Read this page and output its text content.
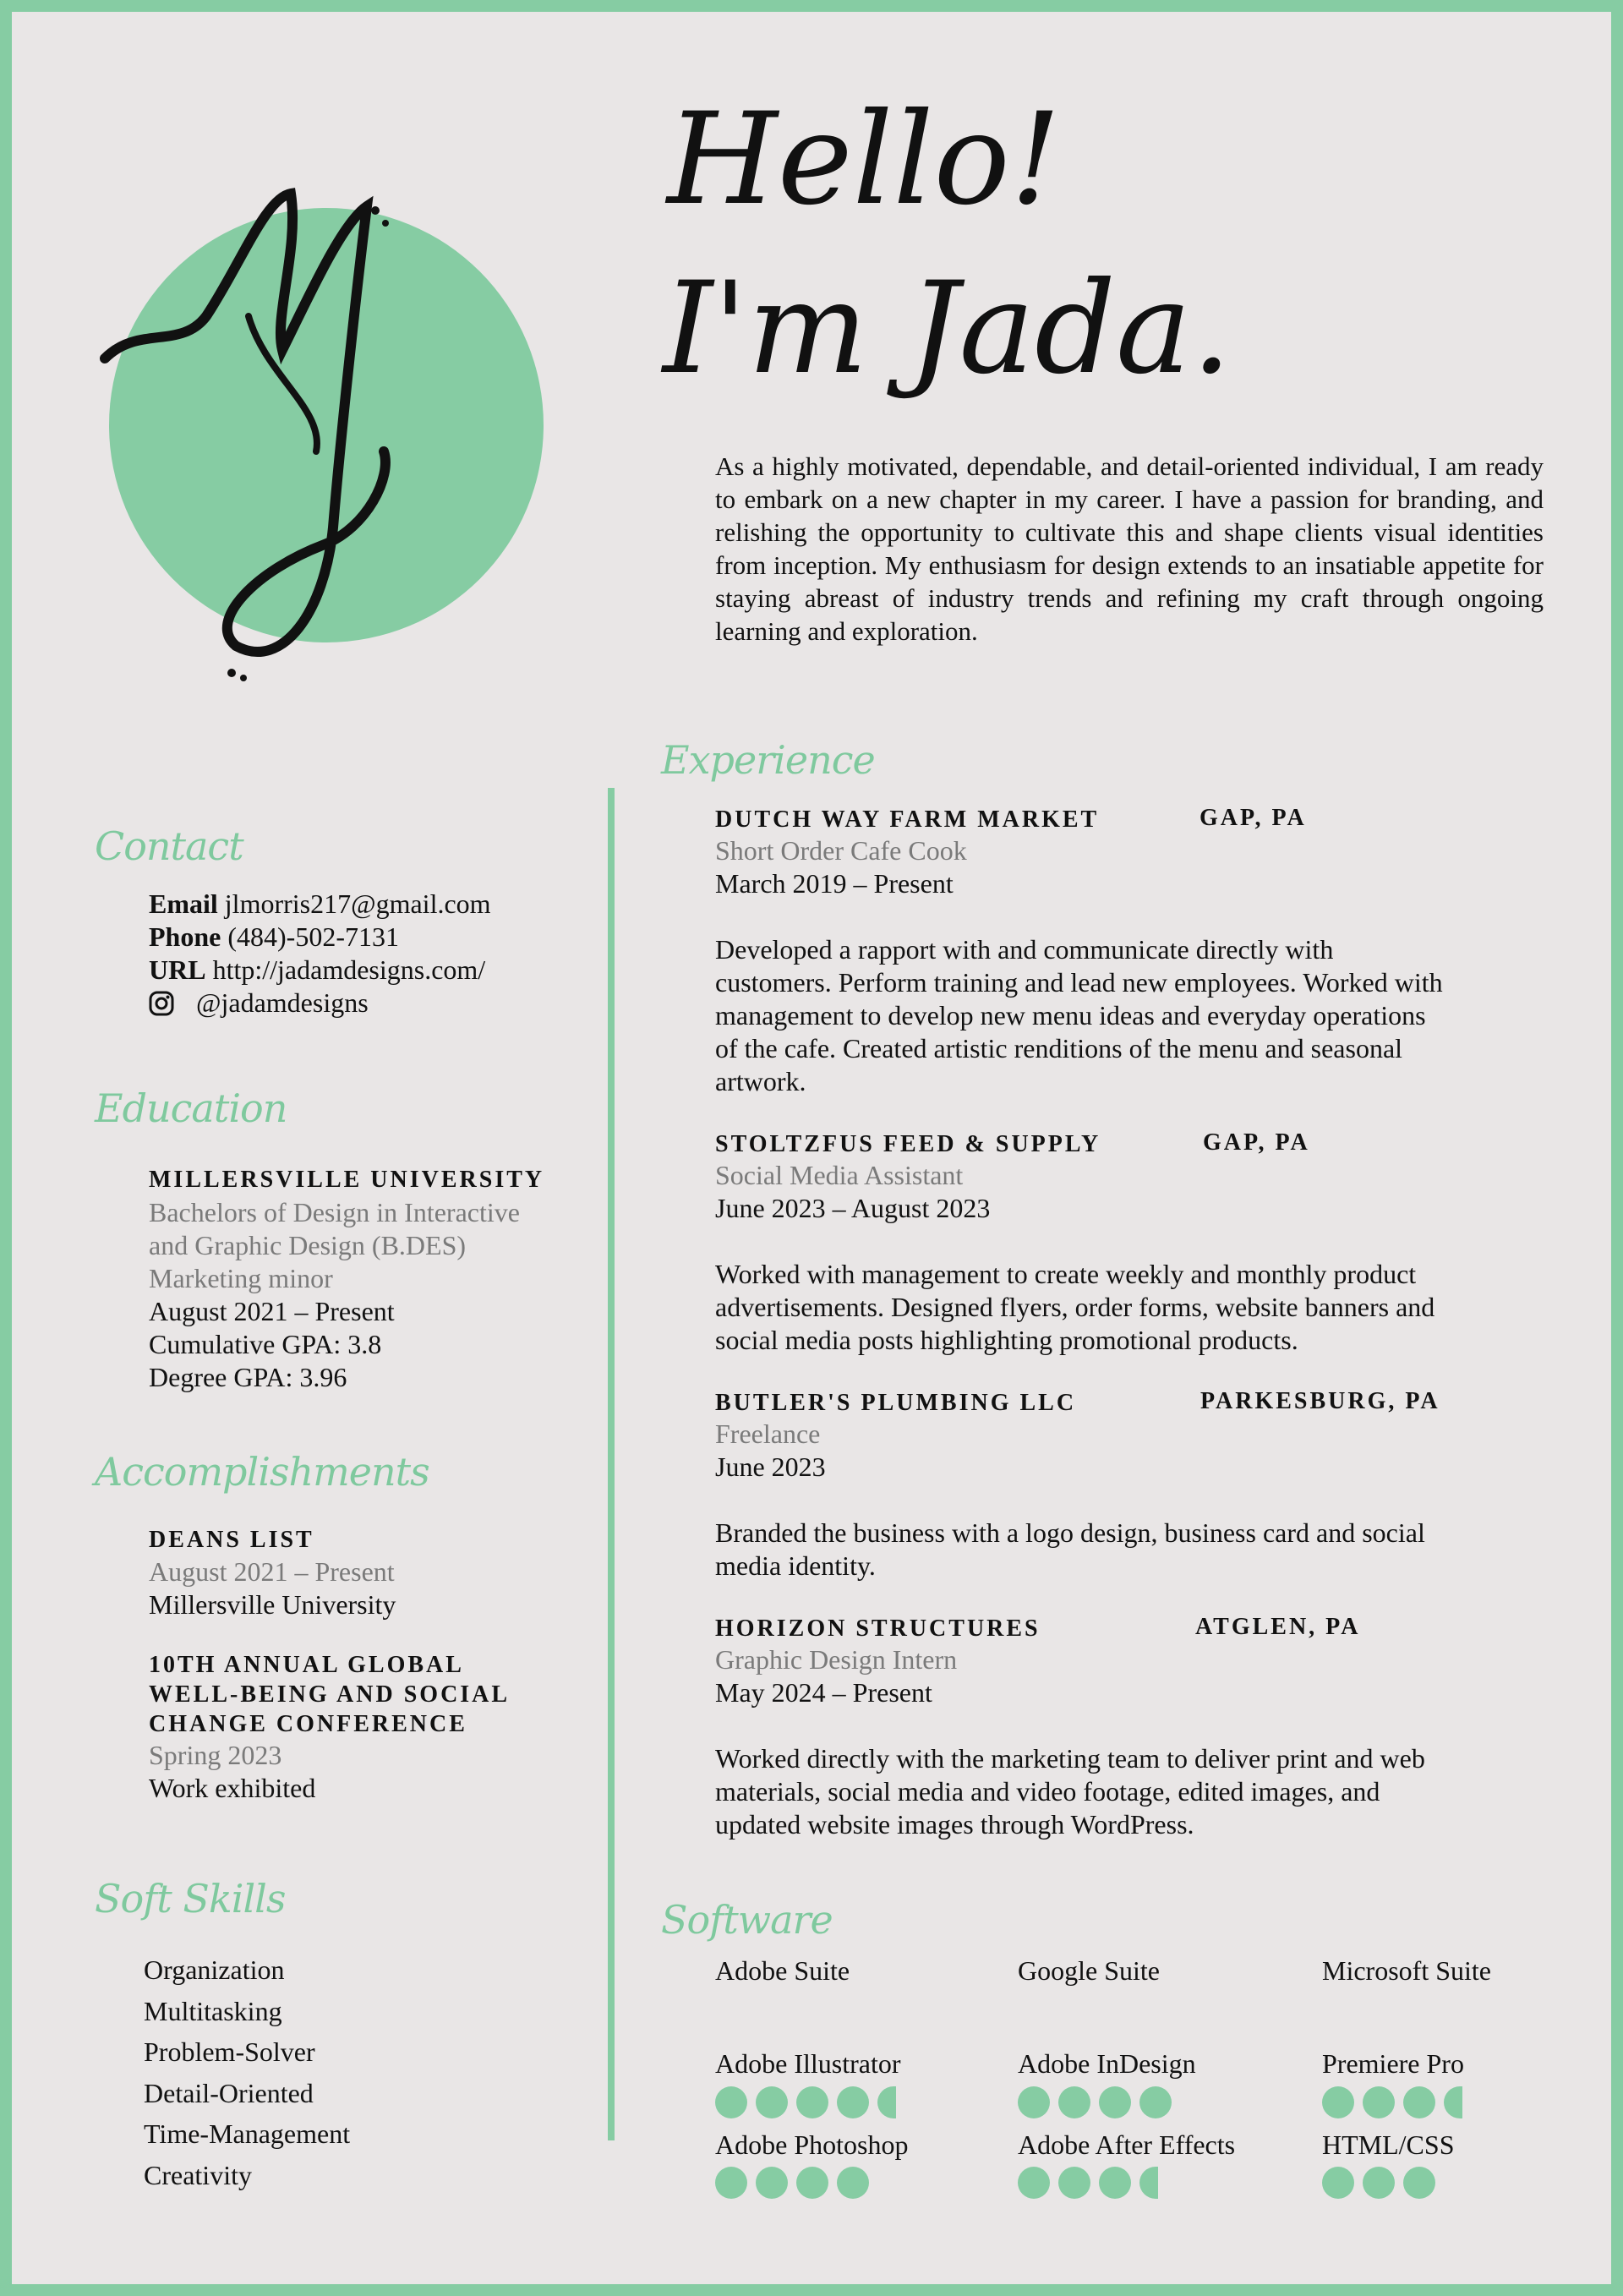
Hello!
I'm Jada.
As a highly motivated, dependable, and detail-oriented individual, I am ready to embark on a new chapter in my career. I have a passion for branding, and relishing the opportunity to cultivate this and shape clients visual identities from inception. My enthusiasm for design extends to an insatiable appetite for staying abreast of industry trends and refining my craft through ongoing learning and exploration.
Contact
Email jlmorris217@gmail.com
Phone (484)-502-7131
URL http://jadamdesigns.com/
@jadamdesigns
Education
MILLERSVILLE UNIVERSITY
Bachelors of Design in Interactive
and Graphic Design (B.DES)
Marketing minor
August 2021 – Present
Cumulative GPA: 3.8
Degree GPA: 3.96
Accomplishments
DEANS LIST
August 2021 – Present
Millersville University
10TH ANNUAL GLOBAL
WELL-BEING AND SOCIAL
CHANGE CONFERENCE
Spring 2023
Work exhibited
Soft Skills
Organization
Multitasking
Problem-Solver
Detail-Oriented
Time-Management
Creativity
Experience
DUTCH WAY FARM MARKET	GAP, PA
Short Order Cafe Cook
March 2019 – Present
Developed a rapport with and communicate directly with
customers. Perform training and lead new employees. Worked with
management to develop new menu ideas and everyday operations
of the cafe. Created artistic renditions of the menu and seasonal
artwork.
STOLTZFUS FEED & SUPPLY	GAP, PA
Social Media Assistant
June 2023 – August 2023
Worked with management to create weekly and monthly product
advertisements. Designed flyers, order forms, website banners and
social media posts highlighting promotional products.
BUTLER'S PLUMBING LLC	PARKESBURG, PA
Freelance
June 2023
Branded the business with a logo design, business card and social
media identity.
HORIZON STRUCTURES	ATGLEN, PA
Graphic Design Intern
May 2024 – Present
Worked directly with the marketing team to deliver print and web
materials, social media and video footage, edited images, and
updated website images through WordPress.
Software
Adobe Suite	Google Suite	Microsoft Suite
Adobe Illustrator	Adobe InDesign	Premiere Pro
Adobe Photoshop	Adobe After Effects	HTML/CSS
